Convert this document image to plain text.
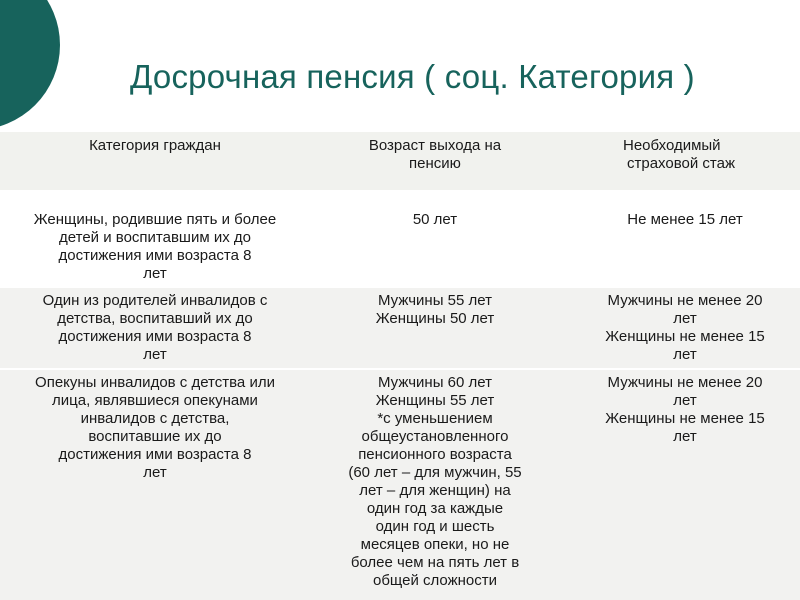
Досрочная пенсия ( соц. Категория )
Категория граждан	Возраст выхода на
пенсию
Необходимый
страховой стаж
Женщины, родившие пять и более
детей и воспитавшим их до
достижения ими возраста 8
лет
50 лет	Не менее 15 лет
Один из родителей инвалидов с
детства, воспитавший их до
достижения ими возраста 8
лет
Мужчины 55 лет
Женщины 50 лет
Мужчины не менее 20
лет
Женщины не менее 15
лет
Опекуны инвалидов с детства или
лица, являвшиеся опекунами
инвалидов с детства,
воспитавшие их до
достижения ими возраста 8
лет
Мужчины 60 лет
Женщины 55 лет
*с уменьшением
общеустановленного
пенсионного возраста
(60 лет – для мужчин, 55
лет – для женщин) на
один год за каждые
один год и шесть
месяцев опеки, но не
более чем на пять лет в
общей сложности
Мужчины не менее 20
лет
Женщины не менее 15
лет
